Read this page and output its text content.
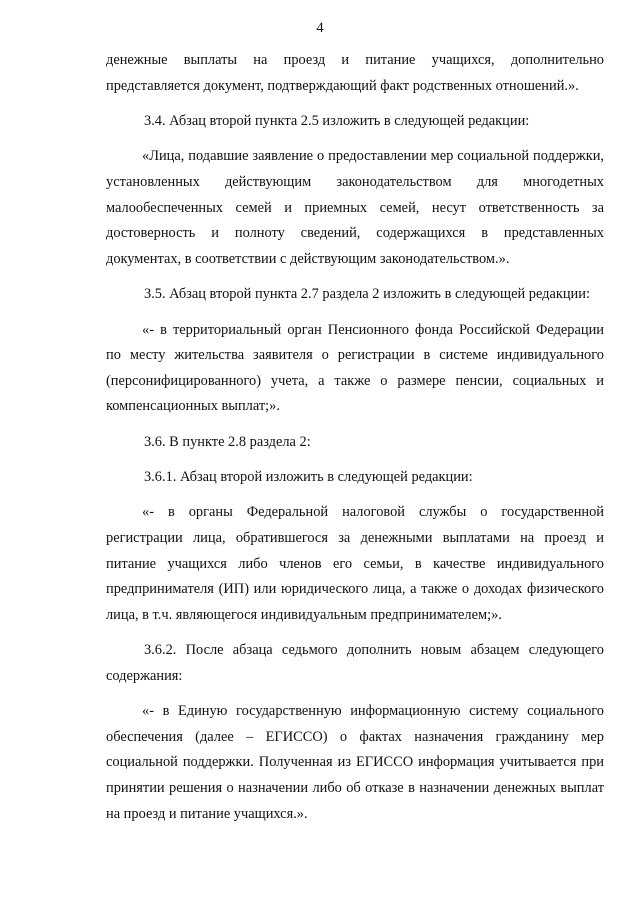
4

денежные выплаты на проезд и питание учащихся, дополнительно представляется документ, подтверждающий факт родственных отношений.».

3.4. Абзац второй пункта 2.5 изложить в следующей редакции:

«Лица, подавшие заявление о предоставлении мер социальной поддержки, установленных действующим законодательством для многодетных малообеспеченных семей и приемных семей, несут ответственность за достоверность и полноту сведений, содержащихся в представленных документах, в соответствии с действующим законодательством.».

3.5. Абзац второй пункта 2.7 раздела 2 изложить в следующей редакции:

«- в территориальный орган Пенсионного фонда Российской Федерации по месту жительства заявителя о регистрации в системе индивидуального (персонифицированного) учета, а также о размере пенсии, социальных и компенсационных выплат;».

3.6. В пункте 2.8 раздела 2:

3.6.1. Абзац второй изложить в следующей редакции:

«- в органы Федеральной налоговой службы о государственной регистрации лица, обратившегося за денежными выплатами на проезд и питание учащихся либо членов его семьи, в качестве индивидуального предпринимателя (ИП) или юридического лица, а также о доходах физического лица, в т.ч. являющегося индивидуальным предпринимателем;».

3.6.2. После абзаца седьмого дополнить новым абзацем следующего содержания:

«- в Единую государственную информационную систему социального обеспечения (далее – ЕГИССО) о фактах назначения гражданину мер социальной поддержки. Полученная из ЕГИССО информация учитывается при принятии решения о назначении либо об отказе в назначении денежных выплат на проезд и питание учащихся.».
